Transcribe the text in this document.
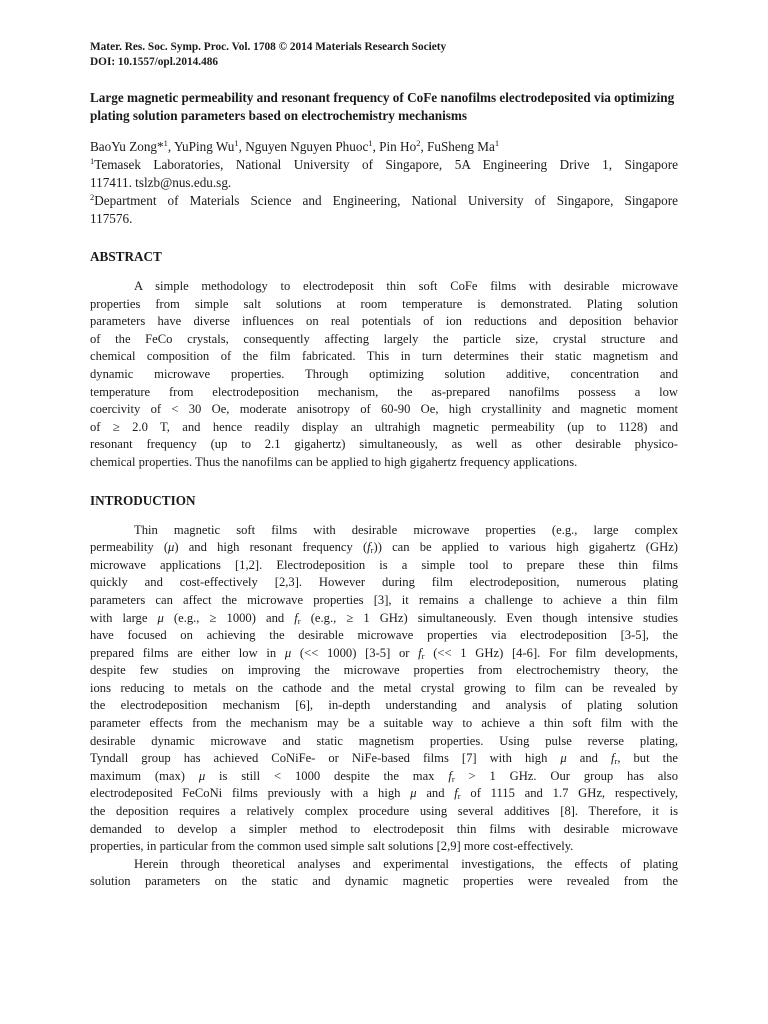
Mater. Res. Soc. Symp. Proc. Vol. 1708 © 2014 Materials Research Society
DOI: 10.1557/opl.2014.486
Large magnetic permeability and resonant frequency of CoFe nanofilms electrodeposited via optimizing plating solution parameters based on electrochemistry mechanisms
BaoYu Zong*$^1$, YuPing Wu$^1$, Nguyen Nguyen Phuoc$^1$, Pin Ho$^2$, FuSheng Ma$^1$
$^1$Temasek Laboratories, National University of Singapore, 5A Engineering Drive 1, Singapore
117411. tslzb@nus.edu.sg.
$^2$Department of Materials Science and Engineering, National University of Singapore, Singapore
117576.
ABSTRACT
A simple methodology to electrodeposit thin soft CoFe films with desirable microwave
properties from simple salt solutions at room temperature is demonstrated. Plating solution
parameters have diverse influences on real potentials of ion reductions and deposition behavior
of the FeCo crystals, consequently affecting largely the particle size, crystal structure and
chemical composition of the film fabricated. This in turn determines their static magnetism and
dynamic microwave properties. Through optimizing solution additive, concentration and
temperature from electrodeposition mechanism, the as-prepared nanofilms possess a low
coercivity of < 30 Oe, moderate anisotropy of 60-90 Oe, high crystallinity and magnetic moment
of ≥ 2.0 T, and hence readily display an ultrahigh magnetic permeability (up to 1128) and
resonant frequency (up to 2.1 gigahertz) simultaneously, as well as other desirable physico-
chemical properties. Thus the nanofilms can be applied to high gigahertz frequency applications.
INTRODUCTION
Thin magnetic soft films with desirable microwave properties (e.g., large complex
permeability (μ) and high resonant frequency $(f_r)$) can be applied to various high gigahertz (GHz)
microwave applications [1,2]. Electrodeposition is a simple tool to prepare these thin films
quickly and cost-effectively [2,3]. However during film electrodeposition, numerous plating
parameters can affect the microwave properties [3], it remains a challenge to achieve a thin film
with large μ (e.g., ≥ 1000) and $f_r$ (e.g., ≥ 1 GHz) simultaneously. Even though intensive studies
have focused on achieving the desirable microwave properties via electrodeposition [3-5], the
prepared films are either low in μ (<< 1000) [3-5] or $f_r$ (<< 1 GHz) [4-6]. For film developments,
despite few studies on improving the microwave properties from electrochemistry theory, the
ions reducing to metals on the cathode and the metal crystal growing to film can be revealed by
the electrodeposition mechanism [6], in-depth understanding and analysis of plating solution
parameter effects from the mechanism may be a suitable way to achieve a thin soft film with the
desirable dynamic microwave and static magnetism properties. Using pulse reverse plating,
Tyndall group has achieved CoNiFe- or NiFe-based films [7] with high μ and $f_r$, but the
maximum (max) μ is still < 1000 despite the $\max f_r > 1$ GHz. Our group has also
electrodeposited FeCoNi films previously with a high μ and $f_r$ of 1115 and 1.7 GHz, respectively,
the deposition requires a relatively complex procedure using several additives [8]. Therefore, it is
demanded to develop a simpler method to electrodeposit thin films with desirable microwave
properties, in particular from the common used simple salt solutions [2,9] more cost-effectively.
Herein through theoretical analyses and experimental investigations, the effects of plating
solution parameters on the static and dynamic magnetic properties were revealed from the
